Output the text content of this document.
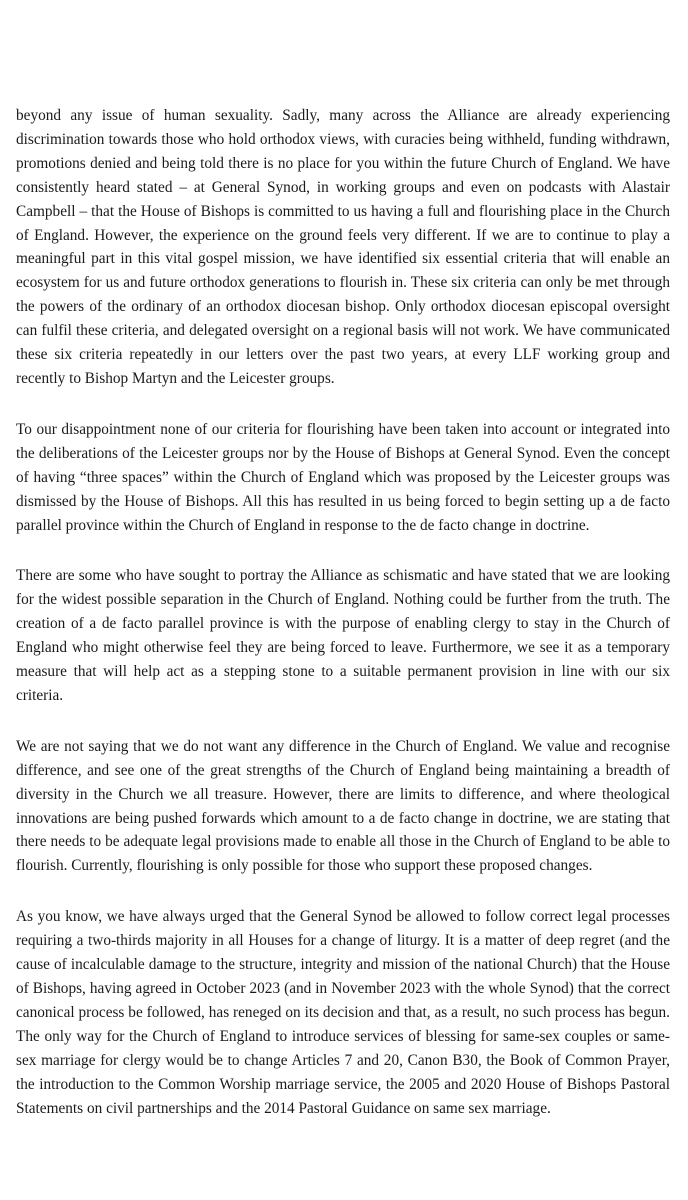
beyond any issue of human sexuality. Sadly, many across the Alliance are already experiencing discrimination towards those who hold orthodox views, with curacies being withheld, funding withdrawn, promotions denied and being told there is no place for you within the future Church of England. We have consistently heard stated – at General Synod, in working groups and even on podcasts with Alastair Campbell – that the House of Bishops is committed to us having a full and flourishing place in the Church of England. However, the experience on the ground feels very different. If we are to continue to play a meaningful part in this vital gospel mission, we have identified six essential criteria that will enable an ecosystem for us and future orthodox generations to flourish in. These six criteria can only be met through the powers of the ordinary of an orthodox diocesan bishop. Only orthodox diocesan episcopal oversight can fulfil these criteria, and delegated oversight on a regional basis will not work. We have communicated these six criteria repeatedly in our letters over the past two years, at every LLF working group and recently to Bishop Martyn and the Leicester groups.

To our disappointment none of our criteria for flourishing have been taken into account or integrated into the deliberations of the Leicester groups nor by the House of Bishops at General Synod. Even the concept of having “three spaces” within the Church of England which was proposed by the Leicester groups was dismissed by the House of Bishops. All this has resulted in us being forced to begin setting up a de facto parallel province within the Church of England in response to the de facto change in doctrine.

There are some who have sought to portray the Alliance as schismatic and have stated that we are looking for the widest possible separation in the Church of England. Nothing could be further from the truth. The creation of a de facto parallel province is with the purpose of enabling clergy to stay in the Church of England who might otherwise feel they are being forced to leave. Furthermore, we see it as a temporary measure that will help act as a stepping stone to a suitable permanent provision in line with our six criteria.

We are not saying that we do not want any difference in the Church of England. We value and recognise difference, and see one of the great strengths of the Church of England being maintaining a breadth of diversity in the Church we all treasure. However, there are limits to difference, and where theological innovations are being pushed forwards which amount to a de facto change in doctrine, we are stating that there needs to be adequate legal provisions made to enable all those in the Church of England to be able to flourish. Currently, flourishing is only possible for those who support these proposed changes.

As you know, we have always urged that the General Synod be allowed to follow correct legal processes requiring a two-thirds majority in all Houses for a change of liturgy. It is a matter of deep regret (and the cause of incalculable damage to the structure, integrity and mission of the national Church) that the House of Bishops, having agreed in October 2023 (and in November 2023 with the whole Synod) that the correct canonical process be followed, has reneged on its decision and that, as a result, no such process has begun. The only way for the Church of England to introduce services of blessing for same-sex couples or same-sex marriage for clergy would be to change Articles 7 and 20, Canon B30, the Book of Common Prayer, the introduction to the Common Worship marriage service, the 2005 and 2020 House of Bishops Pastoral Statements on civil partnerships and the 2014 Pastoral Guidance on same sex marriage.
